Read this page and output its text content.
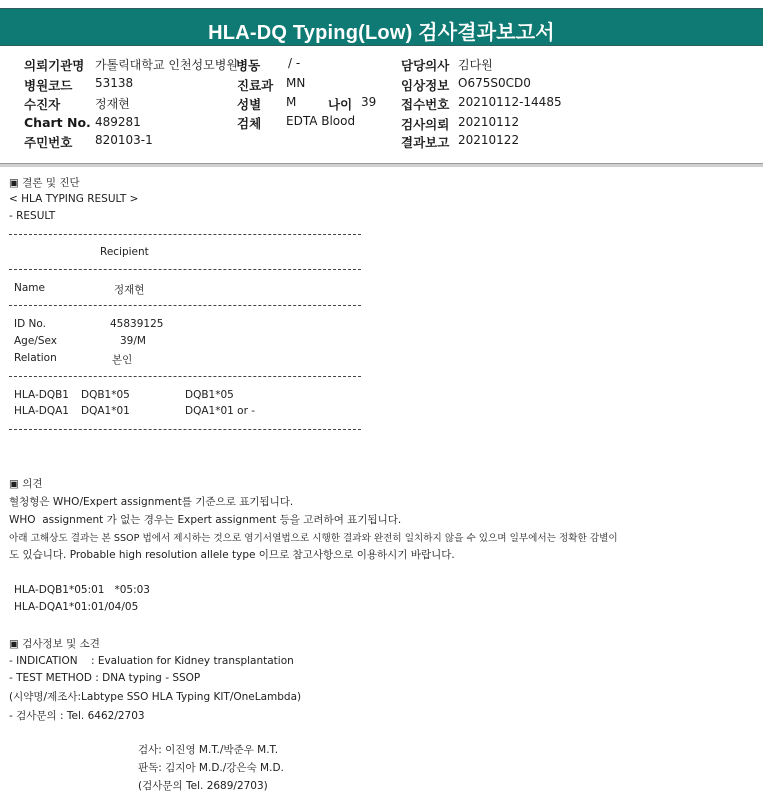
HLA-DQ Typing(Low) 검사결과보고서
의뢰기관명 가톨릭대학교 인천성모병원
병동 / -	담당의사 김다원
병원코드 53138	진료과 MN	임상정보 O675S0CD0
수진자	정재현	성별 M	나이 39 접수번호 20210112-14485
Chart No. 489281	검체 EDTA Blood	검사의뢰 20210112
주민번호 820103-1	결과보고 20210122
▣ 결론 및 진단
< HLA TYPING RESULT >
- RESULT
Recipient
Name	정재현
ID No.	45839125
Age/Sex	39/M
Relation	본인
HLA-DQB1 DQB1*05	DQB1*05
HLA-DQA1 DQA1*01	DQA1*01 or -
▣ 의견
혈청형은 WHO/Expert assignment를 기준으로 표기됩니다.
WHO  assignment 가 없는 경우는 Expert assignment 등을 고려하여 표기됩니다.
아래 고해상도 결과는 본 SSOP 법에서 제시하는 것으로 염기서열법으로 시행한 결과와 완전히 일치하지 않을 수 있으며 일부에서는 정확한 감별이
도 있습니다. Probable high resolution allele type 이므로 참고사항으로 이용하시기 바랍니다.
HLA-DQB1*05:01   *05:03
HLA-DQA1*01:01/04/05
▣ 검사정보 및 소견
- INDICATION    : Evaluation for Kidney transplantation
- TEST METHOD : DNA typing - SSOP
(시약명/제조사:Labtype SSO HLA Typing KIT/OneLambda)
- 검사문의 : Tel. 6462/2703
검사: 이진영 M.T./박준우 M.T.
판독: 김지아 M.D./강은숙 M.D.
(검사문의 Tel. 2689/2703)
